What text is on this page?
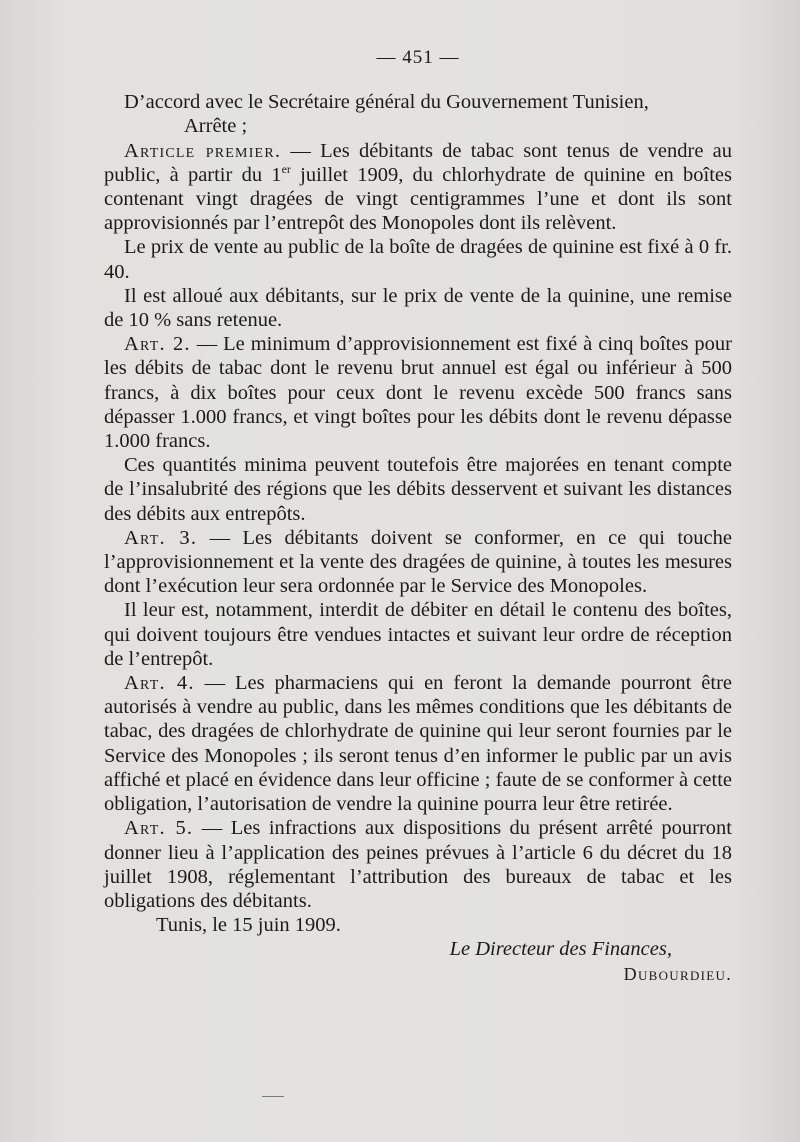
— 451 —

D’accord avec le Secrétaire général du Gouvernement Tunisien,

Arrête ;

Article premier. — Les débitants de tabac sont tenus de vendre au public, à partir du 1er juillet 1909, du chlorhydrate de quinine en boîtes contenant vingt dragées de vingt centigrammes l’une et dont ils sont approvisionnés par l’entrepôt des Monopoles dont ils relèvent.

Le prix de vente au public de la boîte de dragées de quinine est fixé à 0 fr. 40.

Il est alloué aux débitants, sur le prix de vente de la quinine, une remise de 10 % sans retenue.

Art. 2. — Le minimum d’approvisionnement est fixé à cinq boîtes pour les débits de tabac dont le revenu brut annuel est égal ou inférieur à 500 francs, à dix boîtes pour ceux dont le revenu excède 500 francs sans dépasser 1.000 francs, et vingt boîtes pour les débits dont le revenu dépasse 1.000 francs.

Ces quantités minima peuvent toutefois être majorées en tenant compte de l’insalubrité des régions que les débits desservent et suivant les distances des débits aux entrepôts.

Art. 3. — Les débitants doivent se conformer, en ce qui touche l’approvisionnement et la vente des dragées de quinine, à toutes les mesures dont l’exécution leur sera ordonnée par le Service des Monopoles.

Il leur est, notamment, interdit de débiter en détail le contenu des boîtes, qui doivent toujours être vendues intactes et suivant leur ordre de réception de l’entrepôt.

Art. 4. — Les pharmaciens qui en feront la demande pourront être autorisés à vendre au public, dans les mêmes conditions que les débitants de tabac, des dragées de chlorhydrate de quinine qui leur seront fournies par le Service des Monopoles ; ils seront tenus d’en informer le public par un avis affiché et placé en évidence dans leur officine ; faute de se conformer à cette obligation, l’autorisation de vendre la quinine pourra leur être retirée.

Art. 5. — Les infractions aux dispositions du présent arrêté pourront donner lieu à l’application des peines prévues à l’article 6 du décret du 18 juillet 1908, réglementant l’attribution des bureaux de tabac et les obligations des débitants.

Tunis, le 15 juin 1909.

Le Directeur des Finances,

Dubourdieu.
